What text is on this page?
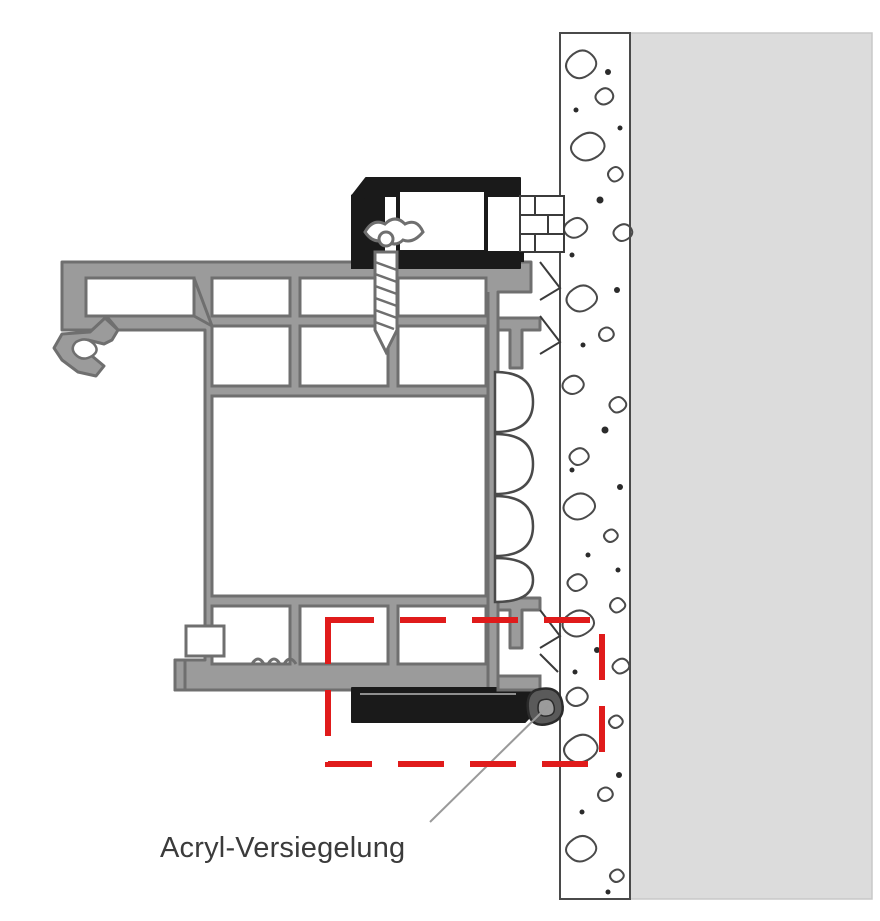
Acryl-Versiegelung
